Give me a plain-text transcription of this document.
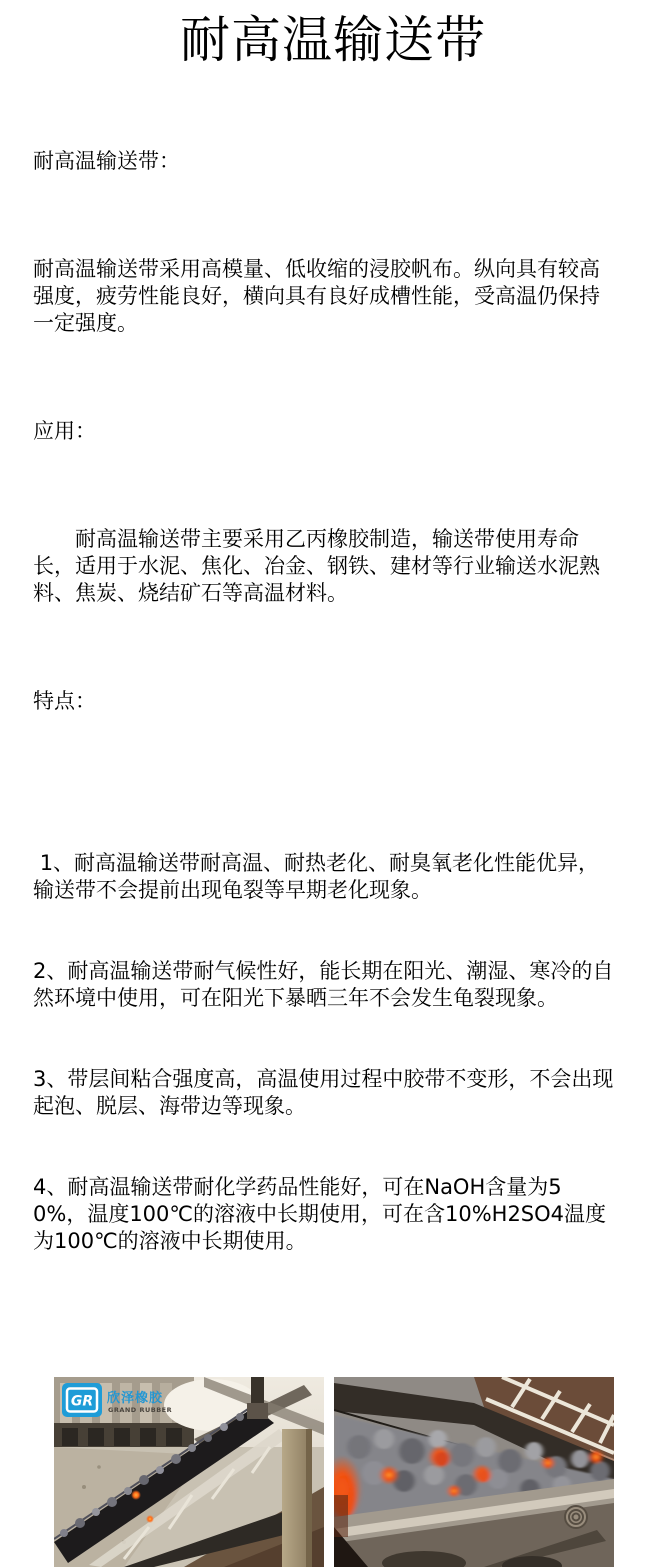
耐高温输送带

耐高温输送带：

耐高温输送带采用高模量、低收缩的浸胶帆布。纵向具有较高强度，疲劳性能良好，横向具有良好成槽性能，受高温仍保持一定强度。

应用：

　　耐高温输送带主要采用乙丙橡胶制造，输送带使用寿命长，适用于水泥、焦化、冶金、钢铁、建材等行业输送水泥熟料、焦炭、烧结矿石等高温材料。

特点：

1、耐高温输送带耐高温、耐热老化、耐臭氧老化性能优异，输送带不会提前出现龟裂等早期老化现象。

2、耐高温输送带耐气候性好，能长期在阳光、潮湿、寒冷的自然环境中使用，可在阳光下暴晒三年不会发生龟裂现象。

3、带层间粘合强度高，高温使用过程中胶带不变形，不会出现起泡、脱层、海带边等现象。

4、耐高温输送带耐化学药品性能好，可在NaOH含量为50%，温度100℃的溶液中长期使用，可在含10%H2SO4温度为100℃的溶液中长期使用。

GR 欣泽橡胶
GRAND RUBBER
